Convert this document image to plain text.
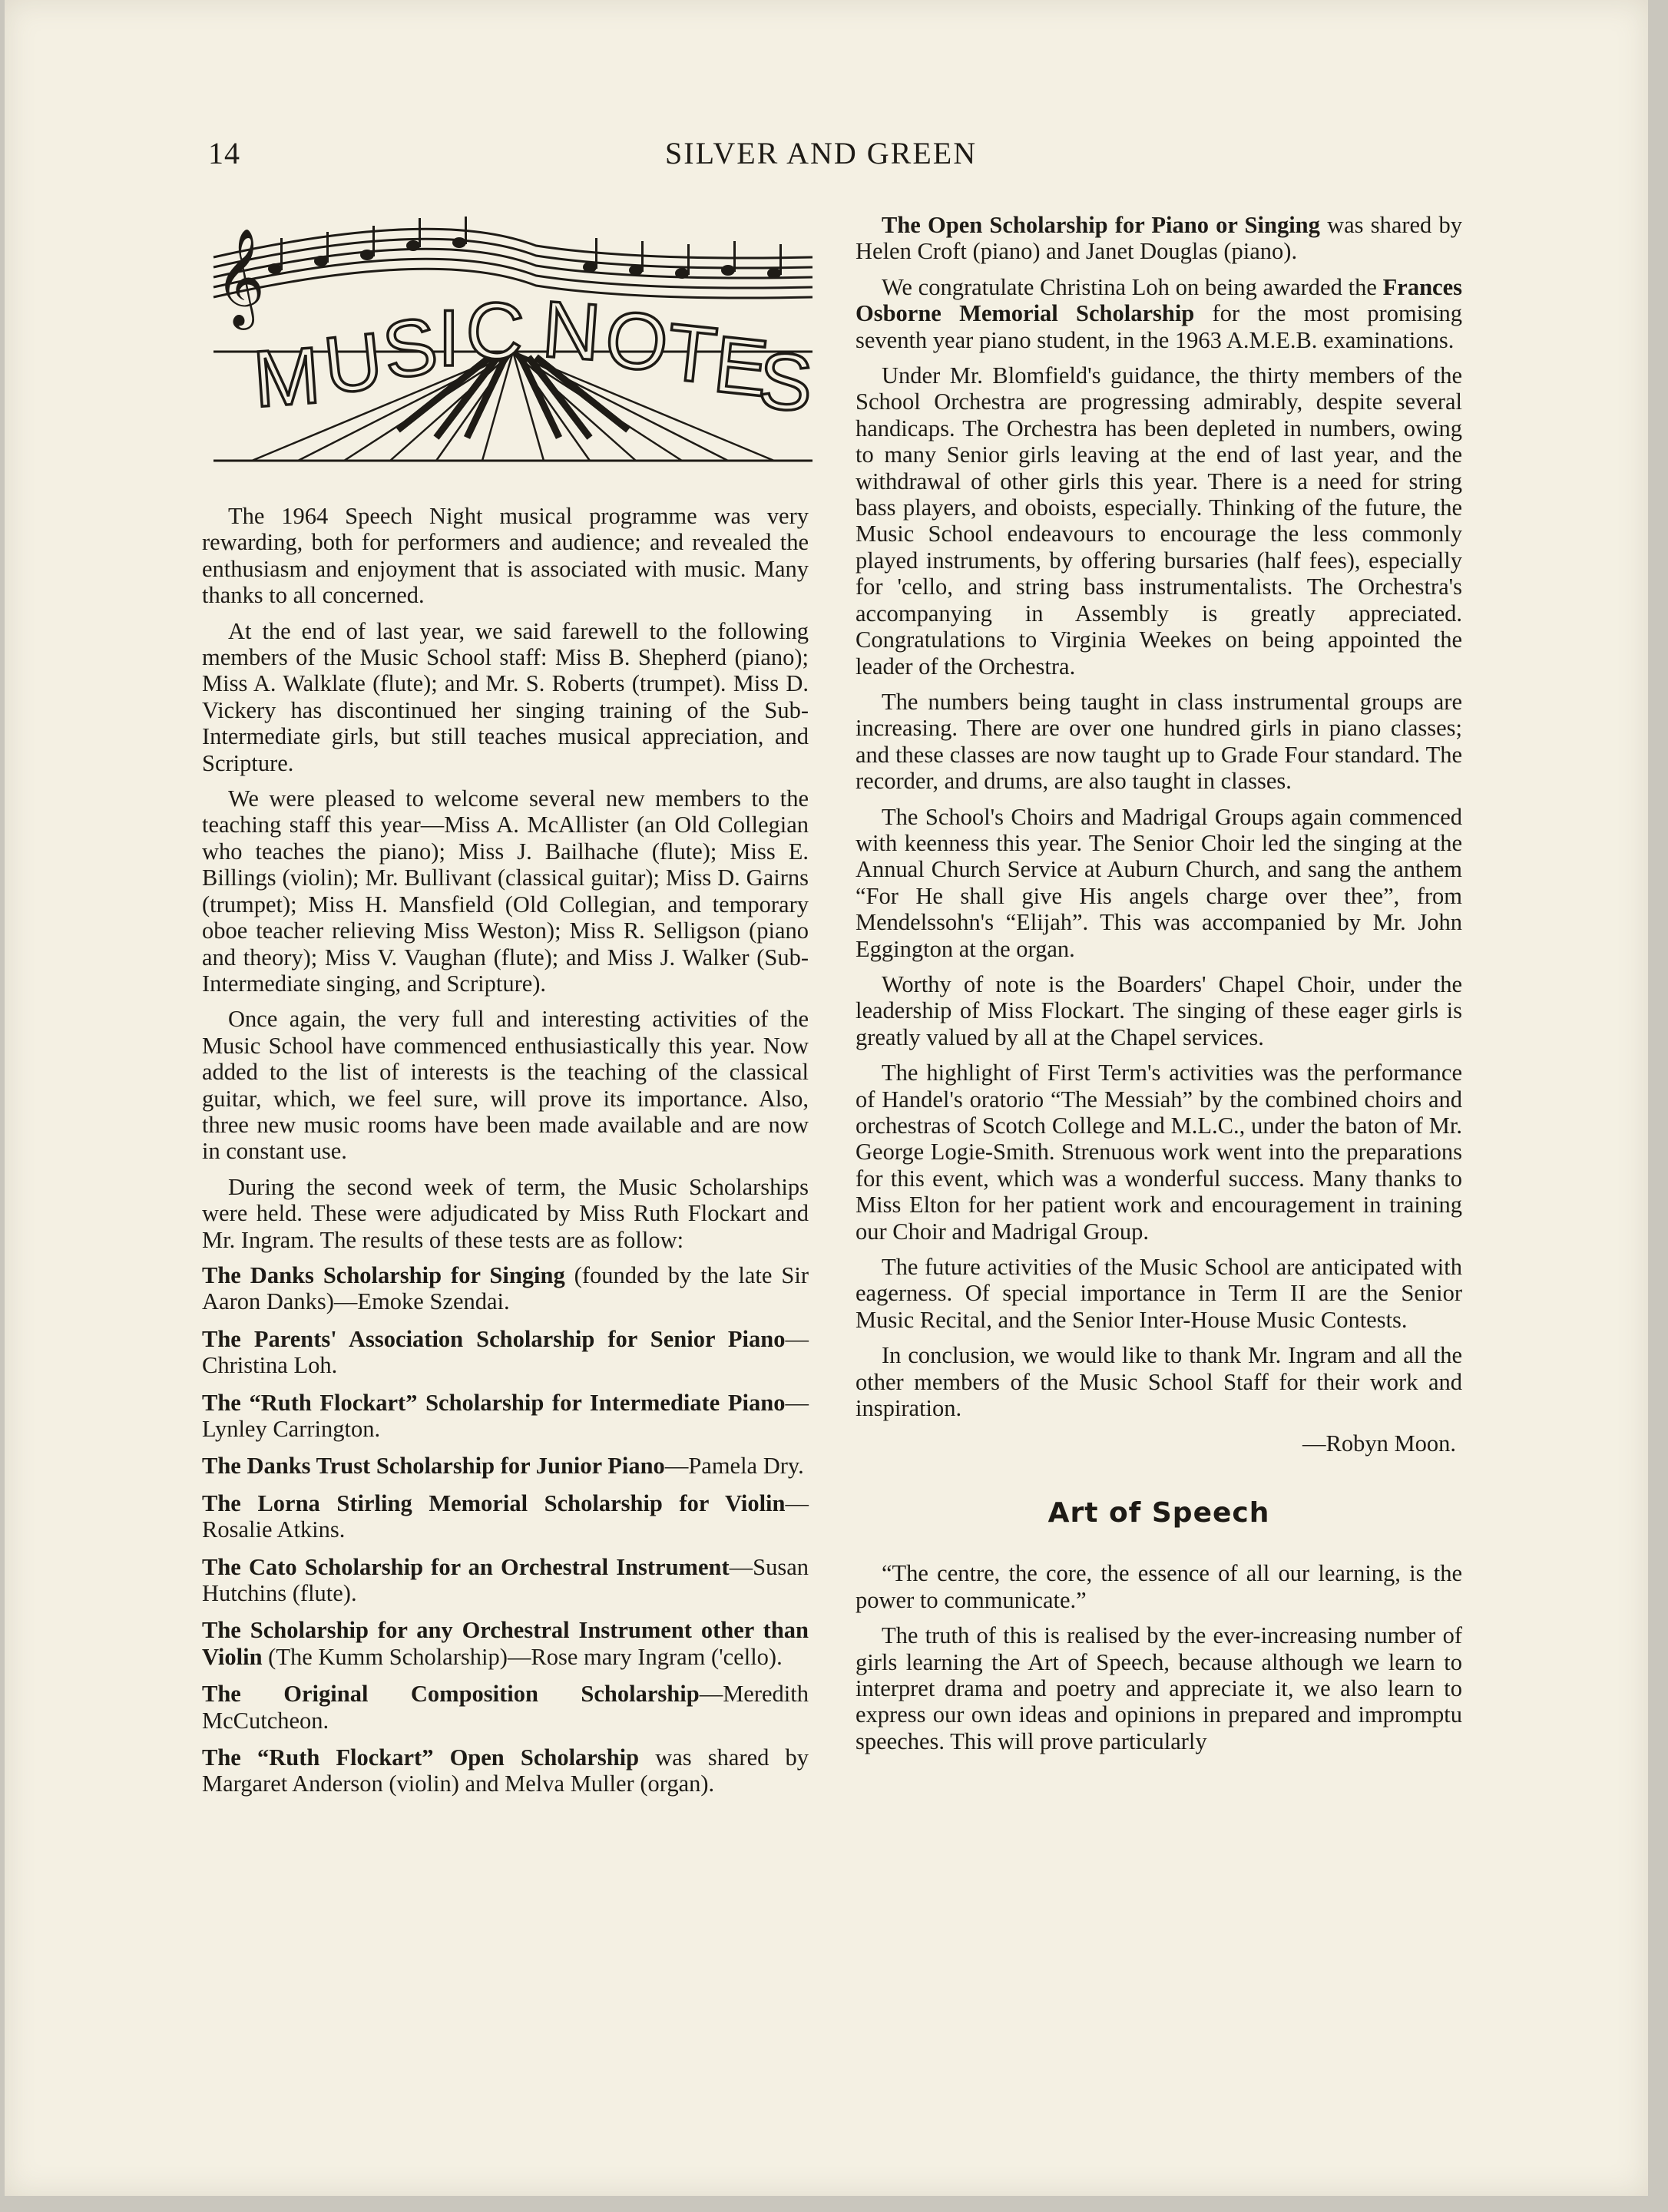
14	SILVER AND GREEN
𝄞
M
U
S
I C N
O
T
E
S

The 1964 Speech Night musical programme was very rewarding, both for performers and audience; and revealed the enthusiasm and enjoyment that is associated with music. Many thanks to all concerned.

At the end of last year, we said farewell to the following members of the Music School staff: Miss B. Shepherd (piano); Miss A. Walklate (flute); and Mr. S. Roberts (trumpet). Miss D. Vickery has discontinued her singing training of the Sub-Intermediate girls, but still teaches musical appreciation, and Scripture.

We were pleased to welcome several new members to the teaching staff this year—Miss A. McAllister (an Old Collegian who teaches the piano); Miss J. Bailhache (flute); Miss E. Billings (violin); Mr. Bullivant (classical guitar); Miss D. Gairns (trumpet); Miss H. Mansfield (Old Collegian, and temporary oboe teacher relieving Miss Weston); Miss R. Selligson (piano and theory); Miss V. Vaughan (flute); and Miss J. Walker (Sub-Intermediate singing, and Scripture).

Once again, the very full and interesting activities of the Music School have commenced enthusiastically this year. Now added to the list of interests is the teaching of the classical guitar, which, we feel sure, will prove its importance. Also, three new music rooms have been made available and are now in constant use.

During the second week of term, the Music Scholarships were held. These were adjudicated by Miss Ruth Flockart and Mr. Ingram. The results of these tests are as follow:

The Danks Scholarship for Singing (founded by the late Sir Aaron Danks)—Emoke Szendai.

The Parents' Association Scholarship for Senior Piano—Christina Loh.

The “Ruth Flockart” Scholarship for Intermediate Piano—Lynley Carrington.

The Danks Trust Scholarship for Junior Piano—Pamela Dry.

The Lorna Stirling Memorial Scholarship for Violin—Rosalie Atkins.

The Cato Scholarship for an Orchestral Instrument—Susan Hutchins (flute).

The Scholarship for any Orchestral Instrument other than Violin (The Kumm Scholarship)—Rose mary Ingram ('cello).

The Original Composition Scholarship—Meredith McCutcheon.

The “Ruth Flockart” Open Scholarship was shared by Margaret Anderson (violin) and Melva Muller (organ).

The Open Scholarship for Piano or Singing was shared by Helen Croft (piano) and Janet Douglas (piano).

We congratulate Christina Loh on being awarded the Frances Osborne Memorial Scholarship for the most promising seventh year piano student, in the 1963 A.M.E.B. examinations.

Under Mr. Blomfield's guidance, the thirty members of the School Orchestra are progressing admirably, despite several handicaps. The Orchestra has been depleted in numbers, owing to many Senior girls leaving at the end of last year, and the withdrawal of other girls this year. There is a need for string bass players, and oboists, especially. Thinking of the future, the Music School endeavours to encourage the less commonly played instruments, by offering bursaries (half fees), especially for 'cello, and string bass instrumentalists. The Orchestra's accompanying in Assembly is greatly appreciated. Congratulations to Virginia Weekes on being appointed the leader of the Orchestra.

The numbers being taught in class instrumental groups are increasing. There are over one hundred girls in piano classes; and these classes are now taught up to Grade Four standard. The recorder, and drums, are also taught in classes.

The School's Choirs and Madrigal Groups again commenced with keenness this year. The Senior Choir led the singing at the Annual Church Service at Auburn Church, and sang the anthem “For He shall give His angels charge over thee”, from Mendelssohn's “Elijah”. This was accompanied by Mr. John Eggington at the organ.

Worthy of note is the Boarders' Chapel Choir, under the leadership of Miss Flockart. The singing of these eager girls is greatly valued by all at the Chapel services.

The highlight of First Term's activities was the performance of Handel's oratorio “The Messiah” by the combined choirs and orchestras of Scotch College and M.L.C., under the baton of Mr. George Logie-Smith. Strenuous work went into the preparations for this event, which was a wonderful success. Many thanks to Miss Elton for her patient work and encouragement in training our Choir and Madrigal Group.

The future activities of the Music School are anticipated with eagerness. Of special importance in Term II are the Senior Music Recital, and the Senior Inter-House Music Contests.

In conclusion, we would like to thank Mr. Ingram and all the other members of the Music School Staff for their work and inspiration.

—Robyn Moon.

Art of Speech

“The centre, the core, the essence of all our learning, is the power to communicate.”

The truth of this is realised by the ever-increasing number of girls learning the Art of Speech, because although we learn to interpret drama and poetry and appreciate it, we also learn to express our own ideas and opinions in prepared and impromptu speeches. This will prove particularly
